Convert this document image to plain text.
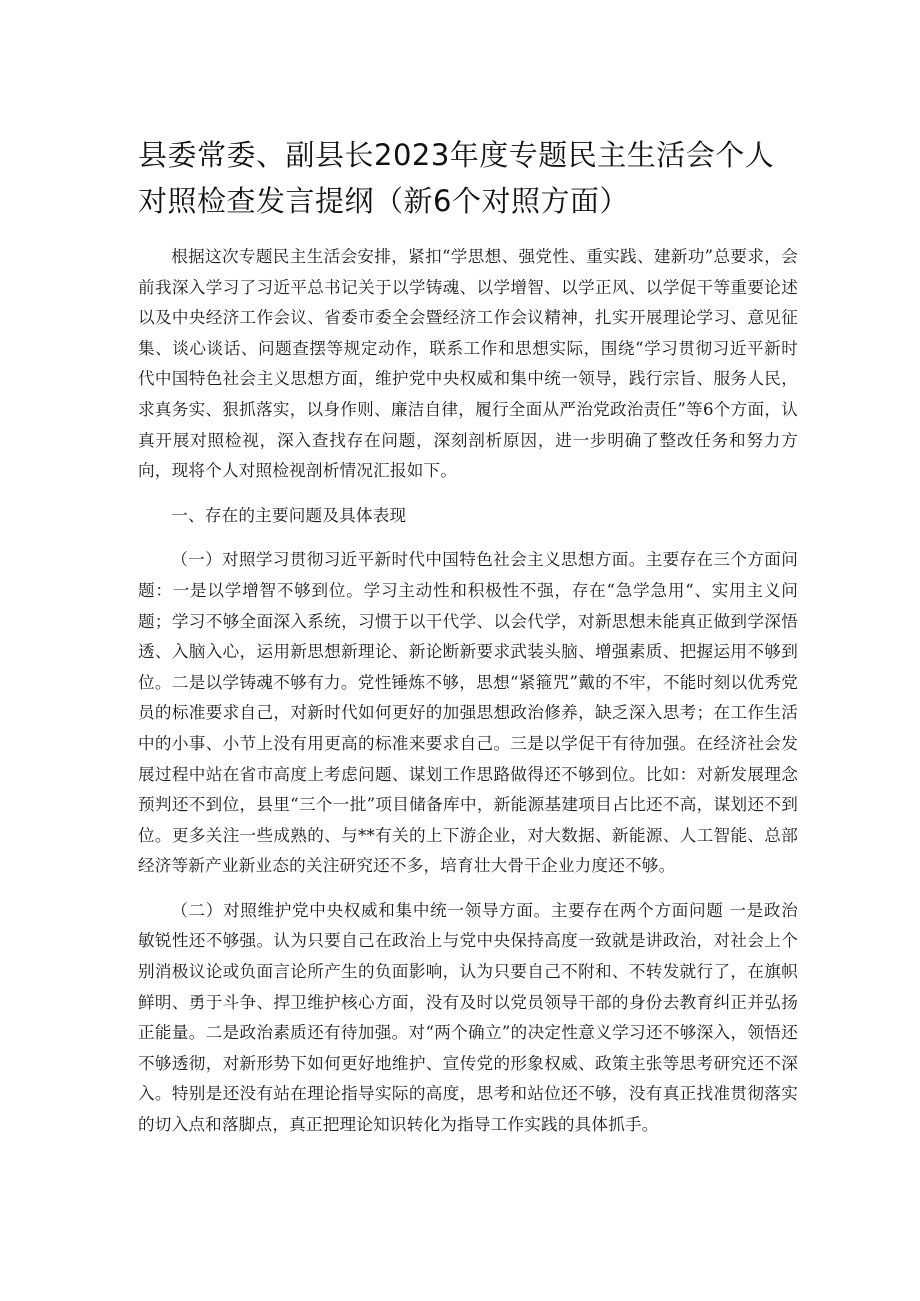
县委常委、副县长2023年度专题民主生活会个人对照检查发言提纲（新6个对照方面）

根据这次专题民主生活会安排，紧扣“学思想、强党性、重实践、建新功”总要求，会前我深入学习了习近平总书记关于以学铸魂、以学增智、以学正风、以学促干等重要论述以及中央经济工作会议、省委市委全会暨经济工作会议精神，扎实开展理论学习、意见征集、谈心谈话、问题查摆等规定动作，联系工作和思想实际，围绕“学习贯彻习近平新时代中国特色社会主义思想方面，维护党中央权威和集中统一领导，践行宗旨、服务人民，求真务实、狠抓落实，以身作则、廉洁自律，履行全面从严治党政治责任”等6个方面，认真开展对照检视，深入查找存在问题，深刻剖析原因，进一步明确了整改任务和努力方向，现将个人对照检视剖析情况汇报如下。

一、存在的主要问题及具体表现

（一）对照学习贯彻习近平新时代中国特色社会主义思想方面。主要存在三个方面问题：一是以学增智不够到位。学习主动性和积极性不强，存在“急学急用“、实用主义问题；学习不够全面深入系统，习惯于以干代学、以会代学，对新思想未能真正做到学深悟透、入脑入心，运用新思想新理论、新论断新要求武装头脑、增强素质、把握运用不够到位。二是以学铸魂不够有力。党性锤炼不够，思想“紧箍咒”戴的不牢，不能时刻以优秀党员的标准要求自己，对新时代如何更好的加强思想政治修养，缺乏深入思考；在工作生活中的小事、小节上没有用更高的标准来要求自己。三是以学促干有待加强。在经济社会发展过程中站在省市高度上考虑问题、谋划工作思路做得还不够到位。比如：对新发展理念预判还不到位，县里“三个一批”项目储备库中，新能源基建项目占比还不高，谋划还不到位。更多关注一些成熟的、与**有关的上下游企业，对大数据、新能源、人工智能、总部经济等新产业新业态的关注研究还不多，培育壮大骨干企业力度还不够。

（二）对照维护党中央权威和集中统一领导方面。主要存在两个方面问题 一是政治敏锐性还不够强。认为只要自己在政治上与党中央保持高度一致就是讲政治，对社会上个别消极议论或负面言论所产生的负面影响，认为只要自己不附和、不转发就行了，在旗帜鲜明、勇于斗争、捍卫维护核心方面，没有及时以党员领导干部的身份去教育纠正并弘扬正能量。二是政治素质还有待加强。对“两个确立”的决定性意义学习还不够深入，领悟还不够透彻，对新形势下如何更好地维护、宣传党的形象权威、政策主张等思考研究还不深入。特别是还没有站在理论指导实际的高度，思考和站位还不够，没有真正找准贯彻落实的切入点和落脚点，真正把理论知识转化为指导工作实践的具体抓手。
